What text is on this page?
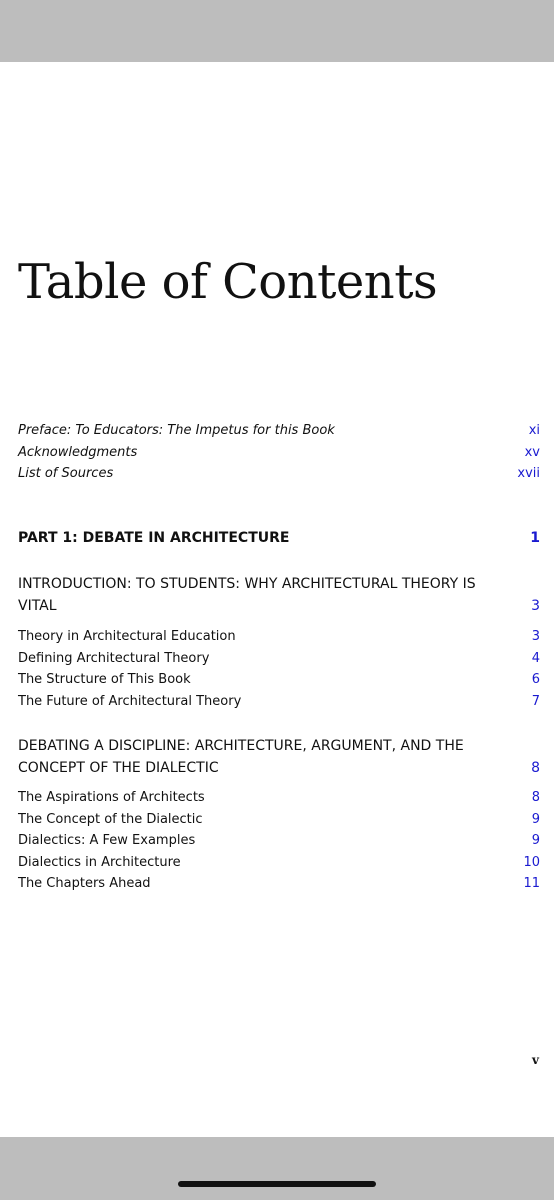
Table of Contents
Preface: To Educators: The Impetus for this Book	xi
Acknowledgments	xv
List of Sources	xvii
PART 1: DEBATE IN ARCHITECTURE	1
INTRODUCTION: TO STUDENTS: WHY ARCHITECTURAL THEORY IS VITAL	3
Theory in Architectural Education	3
Defining Architectural Theory	4
The Structure of This Book	6
The Future of Architectural Theory	7
DEBATING A DISCIPLINE: ARCHITECTURE, ARGUMENT, AND THE CONCEPT OF THE DIALECTIC	8
The Aspirations of Architects	8
The Concept of the Dialectic	9
Dialectics: A Few Examples	9
Dialectics in Architecture	10
The Chapters Ahead	11
v
